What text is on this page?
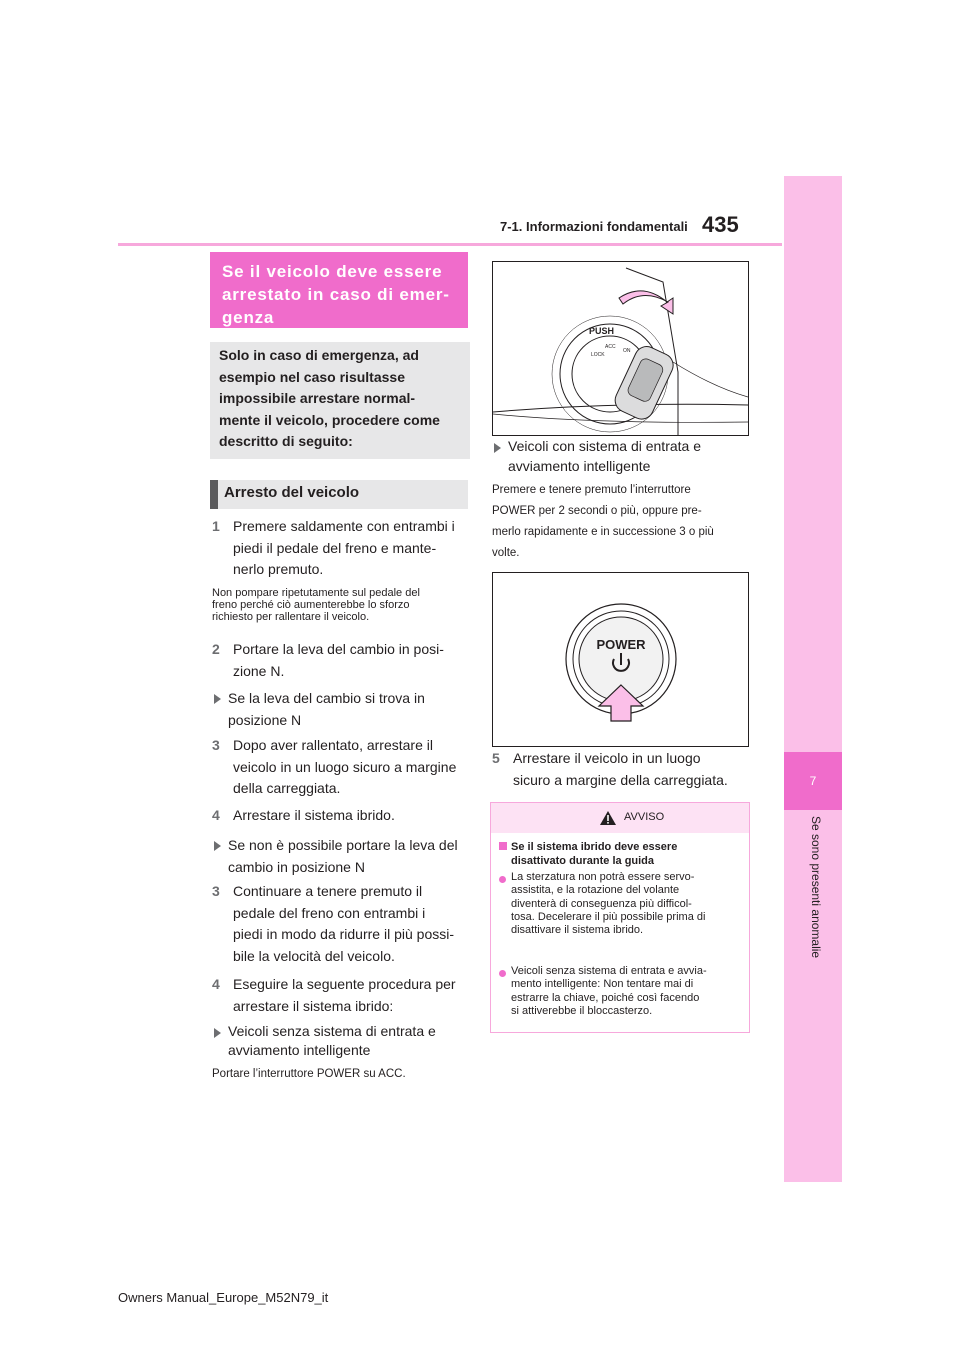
7-1. Informazioni fondamentali 435
7
Se sono presenti anomalie
Se il veicolo deve essere
arrestato in caso di emer-
genza
Solo in caso di emergenza, ad
esempio nel caso risultasse
impossibile arrestare normal-
mente il veicolo, procedere come
descritto di seguito:
Arresto del veicolo
1 Premere saldamente con entrambi i
piedi il pedale del freno e mante-
nerlo premuto.
Non pompare ripetutamente sul pedale del
freno perché ciò aumenterebbe lo sforzo
richiesto per rallentare il veicolo.
2 Portare la leva del cambio in posi-
zione N.
Se la leva del cambio si trova in
posizione N
3 Dopo aver rallentato, arrestare il
veicolo in un luogo sicuro a margine
della carreggiata.
4 Arrestare il sistema ibrido.
Se non è possibile portare la leva del
cambio in posizione N
3 Continuare a tenere premuto il
pedale del freno con entrambi i
piedi in modo da ridurre il più possi-
bile la velocità del veicolo.
4 Eseguire la seguente procedura per
arrestare il sistema ibrido:
Veicoli senza sistema di entrata e
avviamento intelligente
Portare l’interruttore POWER su ACC.
PUSH
ACC
ON
LOCK
Veicoli con sistema di entrata e
avviamento intelligente
Premere e tenere premuto l’interruttore
POWER per 2 secondi o più, oppure pre-
merlo rapidamente e in successione 3 o più
volte.
POWER
5 Arrestare il veicolo in un luogo
sicuro a margine della carreggiata.
AVVISO
Se il sistema ibrido deve essere
disattivato durante la guida
La sterzatura non potrà essere servo-
assistita, e la rotazione del volante
diventerà di conseguenza più difficol-
tosa. Decelerare il più possibile prima di
disattivare il sistema ibrido.
Veicoli senza sistema di entrata e avvia-
mento intelligente: Non tentare mai di
estrarre la chiave, poiché così facendo
si attiverebbe il bloccasterzo.
Owners Manual_Europe_M52N79_it
